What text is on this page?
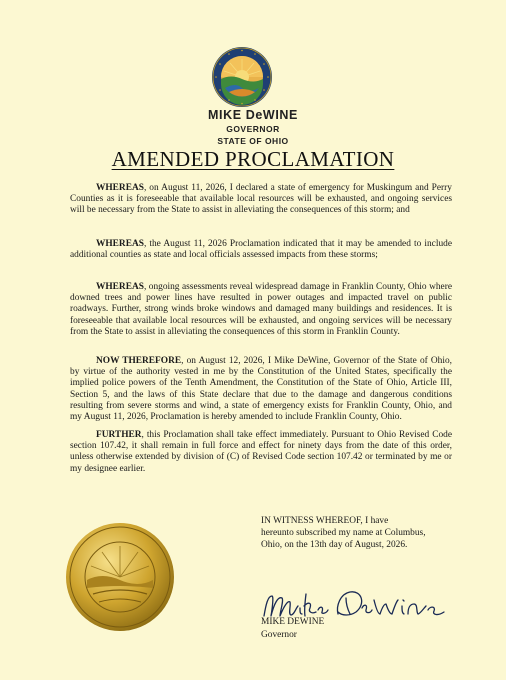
MIKE DeWINE
GOVERNOR
STATE OF OHIO
AMENDED PROCLAMATION

WHEREAS, on August 11, 2026, I declared a state of emergency for Muskingum and Perry Counties as it is foreseeable that available local resources will be exhausted, and ongoing services will be necessary from the State to assist in alleviating the consequences of this storm; and

WHEREAS, the August 11, 2026 Proclamation indicated that it may be amended to include additional counties as state and local officials assessed impacts from these storms;

WHEREAS, ongoing assessments reveal widespread damage in Franklin County, Ohio where downed trees and power lines have resulted in power outages and impacted travel on public roadways. Further, strong winds broke windows and damaged many buildings and residences. It is foreseeable that available local resources will be exhausted, and ongoing services will be necessary from the State to assist in alleviating the consequences of this storm in Franklin County.

NOW THEREFORE, on August 12, 2026, I Mike DeWine, Governor of the State of Ohio, by virtue of the authority vested in me by the Constitution of the United States, specifically the implied police powers of the Tenth Amendment, the Constitution of the State of Ohio, Article III, Section 5, and the laws of this State declare that due to the damage and dangerous conditions resulting from severe storms and wind, a state of emergency exists for Franklin County, Ohio, and my August 11, 2026, Proclamation is hereby amended to include Franklin County, Ohio.

FURTHER, this Proclamation shall take effect immediately. Pursuant to Ohio Revised Code section 107.42, it shall remain in full force and effect for ninety days from the date of this order, unless otherwise extended by division of (C) of Revised Code section 107.42 or terminated by me or my designee earlier.

IN WITNESS WHEREOF, I have
hereunto subscribed my name at Columbus,
Ohio, on the 13th day of August, 2026.

MIKE DEWINE
Governor
